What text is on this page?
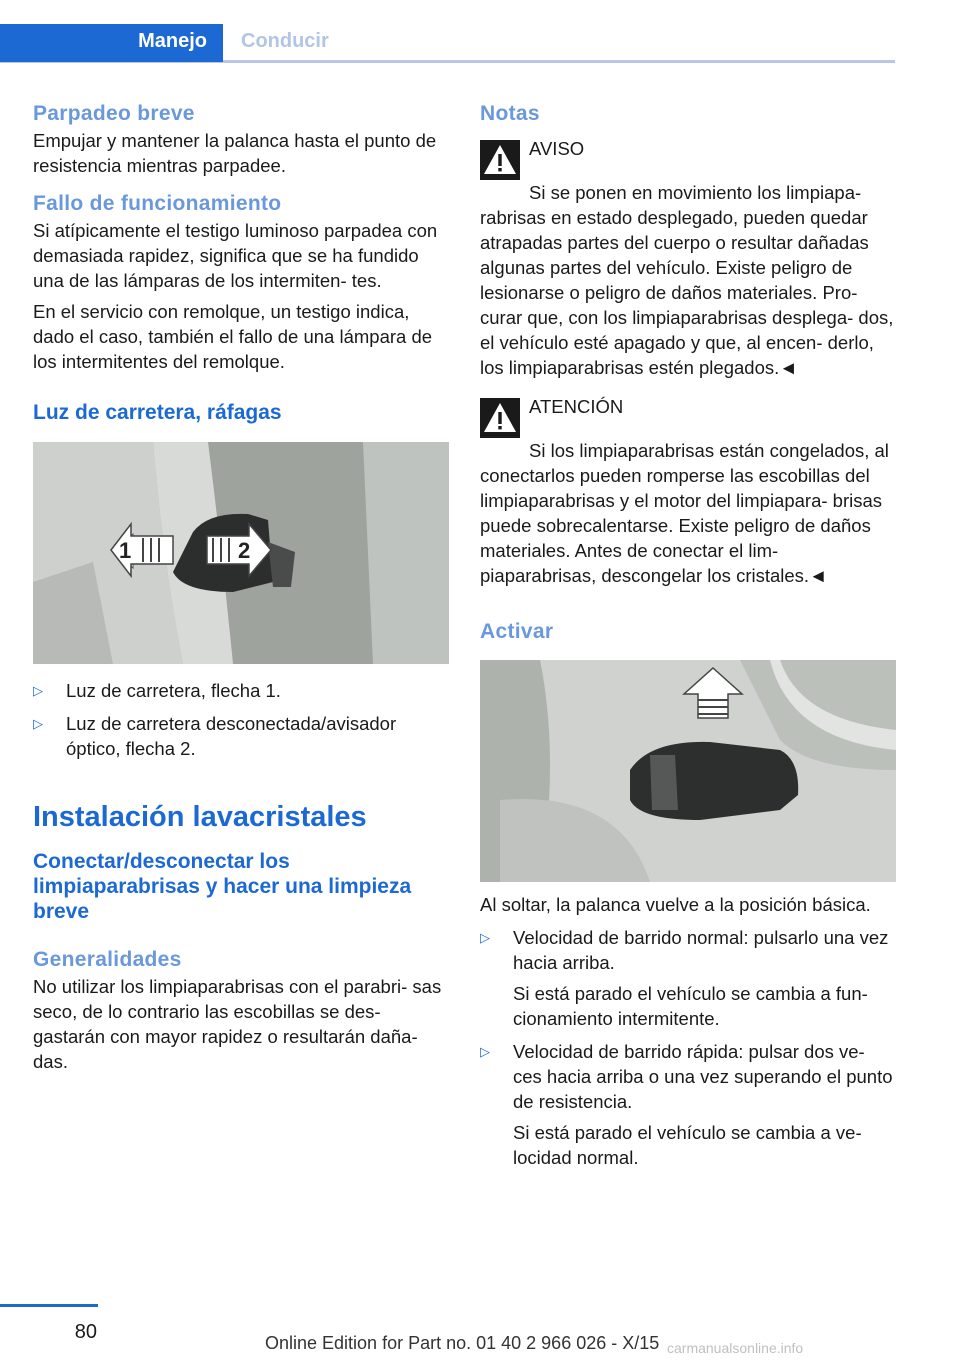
Manejo Conducir
Parpadeo breve

Empujar y mantener la palanca hasta el punto de resistencia mientras parpadee.

Fallo de funcionamiento

Si atípicamente el testigo luminoso parpadea con demasiada rapidez, significa que se ha fundido una de las lámparas de los intermiten‐ tes.

En el servicio con remolque, un testigo indica, dado el caso, también el fallo de una lámpara de los intermitentes del remolque.

Luz de carretera, ráfagas
1	2
▷ Luz de carretera, flecha 1.
▷ Luz de carretera desconectada/avisador óptico, flecha 2.
Instalación lavacristales
Conectar/desconectar los limpiaparabrisas y hacer una limpieza breve
Generalidades

No utilizar los limpiaparabrisas con el parabri‐ sas seco, de lo contrario las escobillas se des‐ gastarán con mayor rapidez o resultarán daña‐ das.

Notas
AVISO

Si se ponen en movimiento los limpiapa‐ rabrisas en estado desplegado, pueden quedar atrapadas partes del cuerpo o resultar dañadas algunas partes del vehículo. Existe peligro de lesionarse o peligro de daños materiales. Pro‐ curar que, con los limpiaparabrisas desplega‐ dos, el vehículo esté apagado y que, al encen‐ derlo, los limpiaparabrisas estén plegados.◄

ATENCIÓN

Si los limpiaparabrisas están congelados, al conectarlos pueden romperse las escobillas del limpiaparabrisas y el motor del limpiapara‐ brisas puede sobrecalentarse. Existe peligro de daños materiales. Antes de conectar el lim‐ piaparabrisas, descongelar los cristales.◄

Activar

Al soltar, la palanca vuelve a la posición básica.

▷ Velocidad de barrido normal: pulsarlo una vez hacia arriba.
Si está parado el vehículo se cambia a fun‐ cionamiento intermitente.
▷ Velocidad de barrido rápida: pulsar dos ve‐ ces hacia arriba o una vez superando el punto de resistencia.
Si está parado el vehículo se cambia a ve‐ locidad normal.
80	Online Edition for Part no. 01 40 2 966 026 - X/15 carmanualsonline.info
